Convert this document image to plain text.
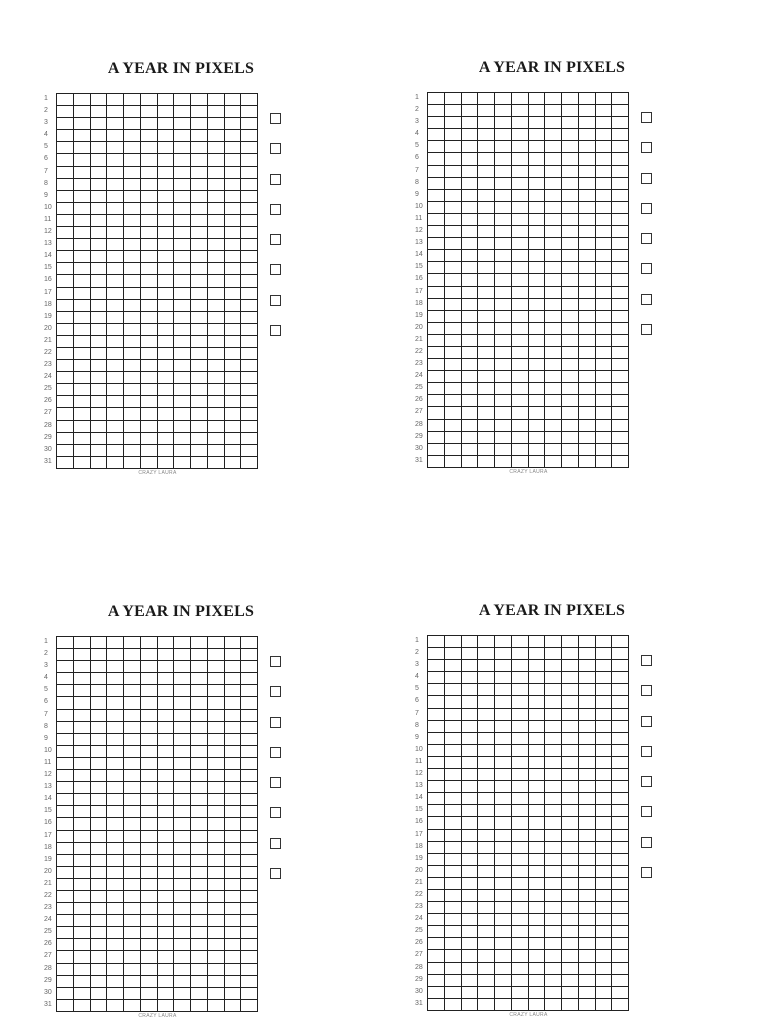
A YEAR IN PIXELS
1
2
3
4
5
6
7
8
9
10
11
12
13
14
15
16
17
18
19
20
21
22
23
24
25
26
27
28
29
30
31
CRAZY LAURA
A YEAR IN PIXELS
1
2
3
4
5
6
7
8
9
10
11
12
13
14
15
16
17
18
19
20
21
22
23
24
25
26
27
28
29
30
31
CRAZY LAURA
A YEAR IN PIXELS
1
2
3
4
5
6
7
8
9
10
11
12
13
14
15
16
17
18
19
20
21
22
23
24
25
26
27
28
29
30
31
CRAZY LAURA
A YEAR IN PIXELS
1
2
3
4
5
6
7
8
9
10
11
12
13
14
15
16
17
18
19
20
21
22
23
24
25
26
27
28
29
30
31
CRAZY LAURA
